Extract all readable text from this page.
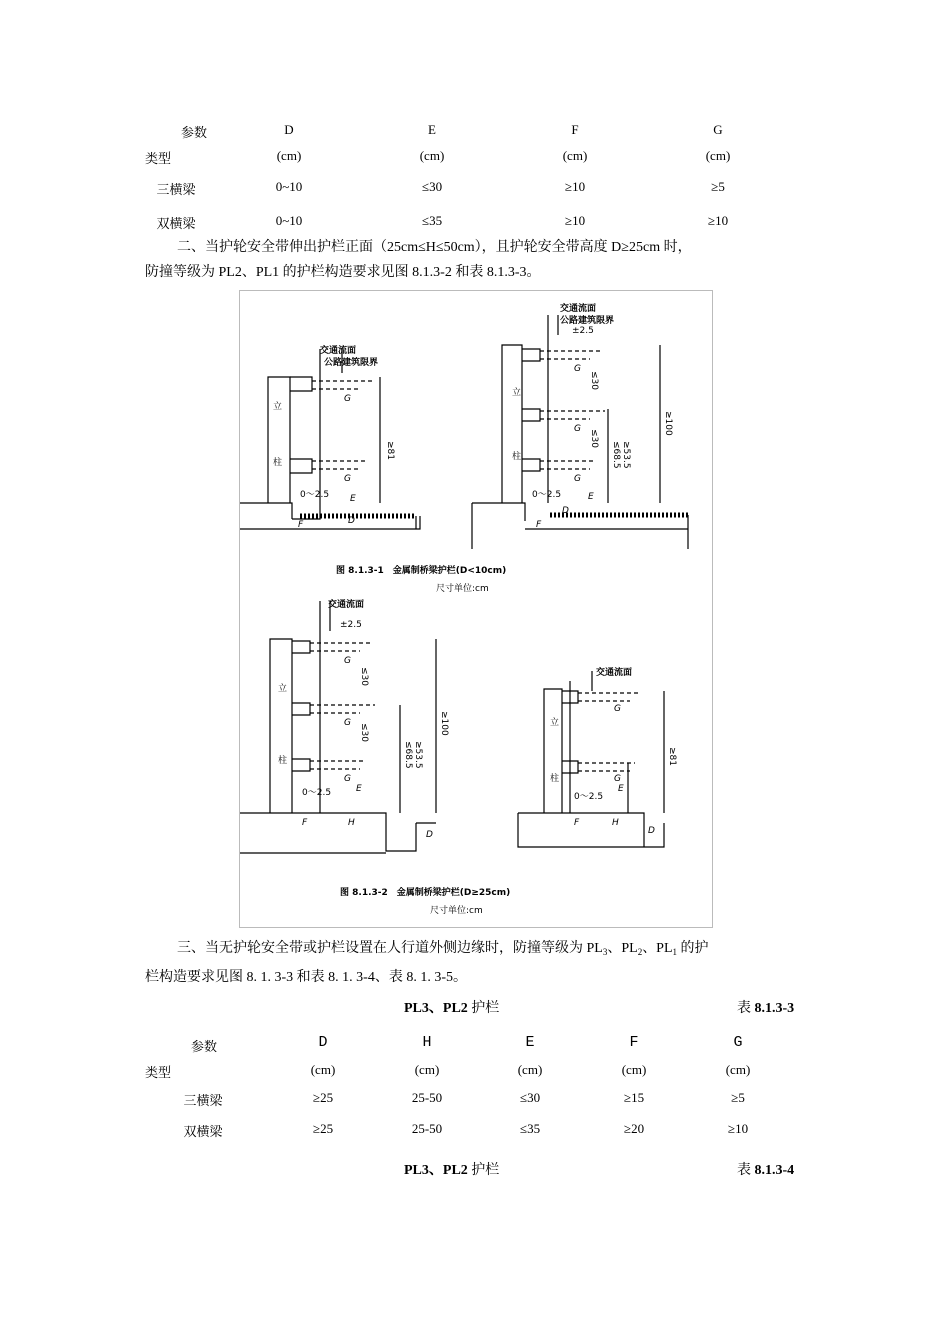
参数	D	E	F	G
类型	(cm)	(cm)	(cm)	(cm)
三横梁	0~10	≤30	≥10	≥5
双横梁	0~10	≤35	≥10	≥10

二、当护轮安全带伸出护栏正面（25cm≤H≤50cm），且护轮安全带高度 D≥25cm 时，

防撞等级为 PL2、PL1 的护栏构造要求见图 8.1.3-2 和表 8.1.3-3。

交通流面
公路建筑限界
立
柱
G
G
E
D
F
0～2.5
≥81
交通流面
公路建筑限界
±2.5
立
柱
G
G
G
E
D
F
0～2.5
≤30
≤30
≤68.5 ≥53.5
≥100
图 8.1.3-1　金属制桥梁护栏(D<10cm)
尺寸单位:cm
交通流面
±2.5
立
柱
G
G
G
E
D
F	H
0～2.5
≤30
≤30
≤68.5 ≥53.5
≥100
交通流面
立
柱
G
G
E
D
F	H
0～2.5
≥81
图 8.1.3-2　金属制桥梁护栏(D≥25cm)
尺寸单位:cm

三、当无护轮安全带或护栏设置在人行道外侧边缘时，防撞等级为 $PL_3$、$PL_2$、$PL_1$ 的护

栏构造要求见图 8. 1. 3-3 和表 8. 1. 3-4、表 8. 1. 3-5。

PL3、PL2 护栏	表 8.1.3-3
参数	D	H	E	F	G
类型	(cm)	(cm)	(cm)	(cm)	(cm)
三横梁	≥25	25-50	≤30	≥15	≥5
双横梁	≥25	25-50	≤35	≥20	≥10
PL3、PL2 护栏	表 8.1.3-4
